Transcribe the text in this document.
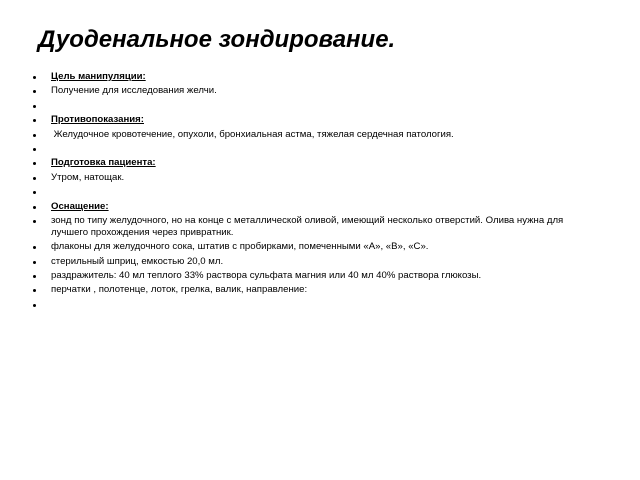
Дуоденальное зондирование.
Цель манипуляции:
Получение для исследования желчи.
Противопоказания:
Желудочное кровотечение, опухоли, бронхиальная астма, тяжелая сердечная патология.
Подготовка пациента:
Утром, натощак.
Оснащение:
зонд по типу желудочного, но на конце с металлической оливой, имеющий несколько отверстий. Олива нужна для лучшего прохождения через привратник.
флаконы для желудочного сока, штатив с пробирками, помеченными «А», «В», «С».
стерильный шприц, емкостью 20,0 мл.
раздражитель: 40 мл теплого 33% раствора сульфата магния или 40 мл 40% раствора глюкозы.
перчатки , полотенце, лоток, грелка, валик, направление:
